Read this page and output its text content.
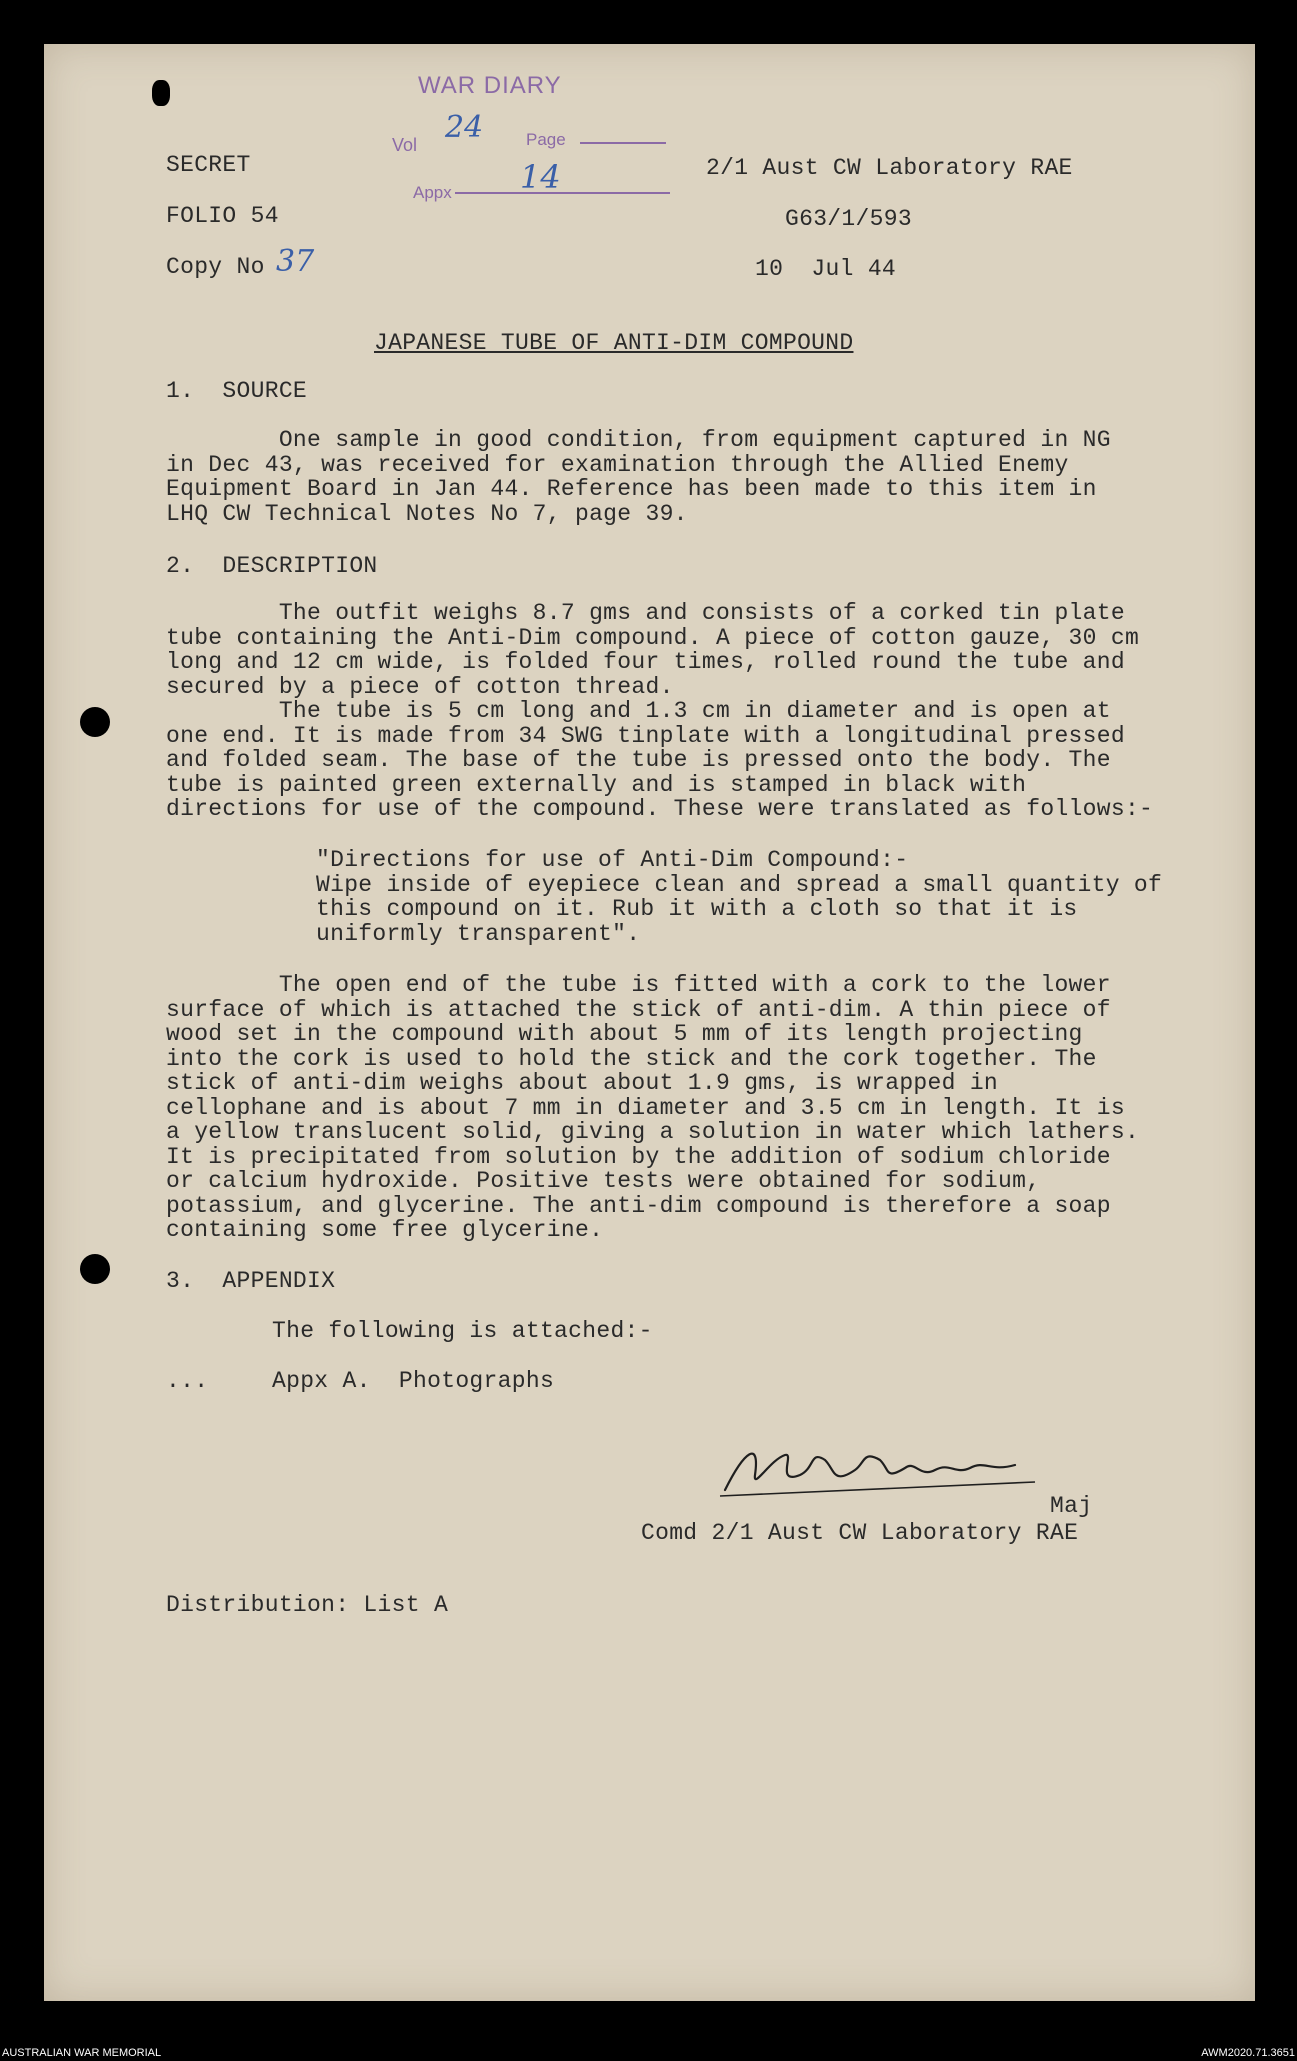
WAR DIARY
Vol 24	Page
Appx 14
SECRET
FOLIO 54
Copy No 37
2/1 Aust CW Laboratory RAE
G63/1/593
10  Jul 44
JAPANESE TUBE OF ANTI-DIM COMPOUND
1.  SOURCE
One sample in good condition, from equipment captured in NG
in Dec 43, was received for examination through the Allied Enemy
Equipment Board in Jan 44. Reference has been made to this item in
LHQ CW Technical Notes No 7, page 39.
2.  DESCRIPTION
The outfit weighs 8.7 gms and consists of a corked tin plate
tube containing the Anti-Dim compound. A piece of cotton gauze, 30 cm
long and 12 cm wide, is folded four times, rolled round the tube and
secured by a piece of cotton thread.
The tube is 5 cm long and 1.3 cm in diameter and is open at
one end. It is made from 34 SWG tinplate with a longitudinal pressed
and folded seam. The base of the tube is pressed onto the body. The
tube is painted green externally and is stamped in black with
directions for use of the compound. These were translated as follows:-
"Directions for use of Anti-Dim Compound:-
Wipe inside of eyepiece clean and spread a small quantity of
this compound on it. Rub it with a cloth so that it is
uniformly transparent".
The open end of the tube is fitted with a cork to the lower
surface of which is attached the stick of anti-dim. A thin piece of
wood set in the compound with about 5 mm of its length projecting
into the cork is used to hold the stick and the cork together. The
stick of anti-dim weighs about about 1.9 gms, is wrapped in
cellophane and is about 7 mm in diameter and 3.5 cm in length. It is
a yellow translucent solid, giving a solution in water which lathers.
It is precipitated from solution by the addition of sodium chloride
or calcium hydroxide. Positive tests were obtained for sodium,
potassium, and glycerine. The anti-dim compound is therefore a soap
containing some free glycerine.
3.  APPENDIX
The following is attached:-
...	Appx A.  Photographs
Maj
Comd 2/1 Aust CW Laboratory RAE
Distribution: List A
AUSTRALIAN WAR MEMORIAL	AWM2020.71.3651
